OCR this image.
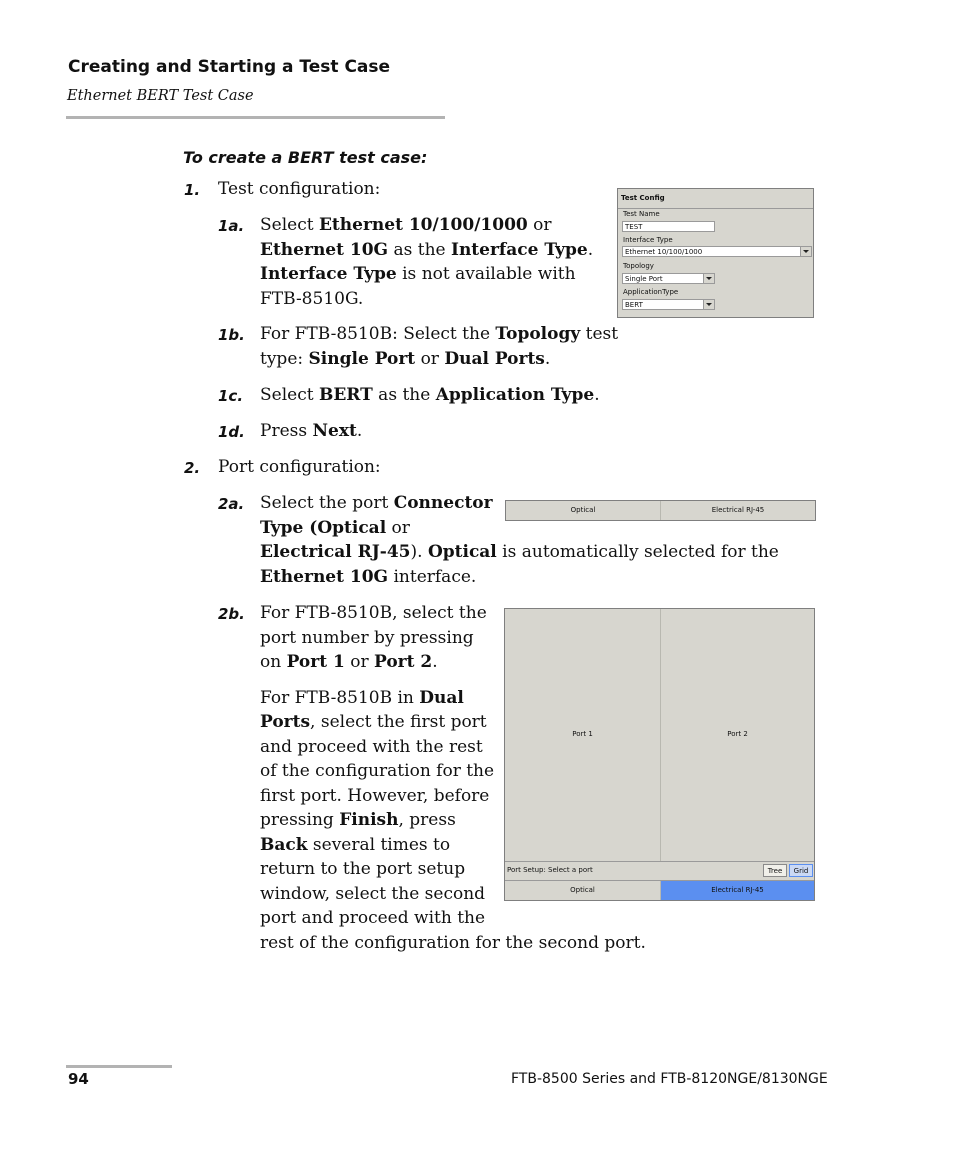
Creating and Starting a Test Case
Ethernet BERT Test Case
To create a BERT test case:
1. Test configuration:
1a. Select Ethernet 10/100/1000 or
Ethernet 10G as the Interface Type.
Interface Type is not available with
FTB-8510G.
1b. For FTB-8510B: Select the Topology test
type: Single Port or Dual Ports.
1c. Select BERT as the Application Type.
1d. Press Next.
2. Port configuration:
2a. Select the port Connector
Type (Optical or
Electrical RJ-45). Optical is automatically selected for the
Ethernet 10G interface.
2b. For FTB-8510B, select the
port number by pressing
on Port 1 or Port 2.
For FTB-8510B in Dual
Ports, select the first port
and proceed with the rest
of the configuration for the
first port. However, before
pressing Finish, press
Back several times to
return to the port setup
window, select the second
port and proceed with the
rest of the configuration for the second port.
Test Config
Test Name
TEST
Interface Type
Ethernet 10/100/1000
Topology
Single Port
ApplicationType
BERT
Optical	Electrical RJ-45
Port 1	Port 2
Port Setup: Select a port	Tree	Grid
Optical	Electrical RJ-45
94	FTB-8500 Series and FTB-8120NGE/8130NGE
